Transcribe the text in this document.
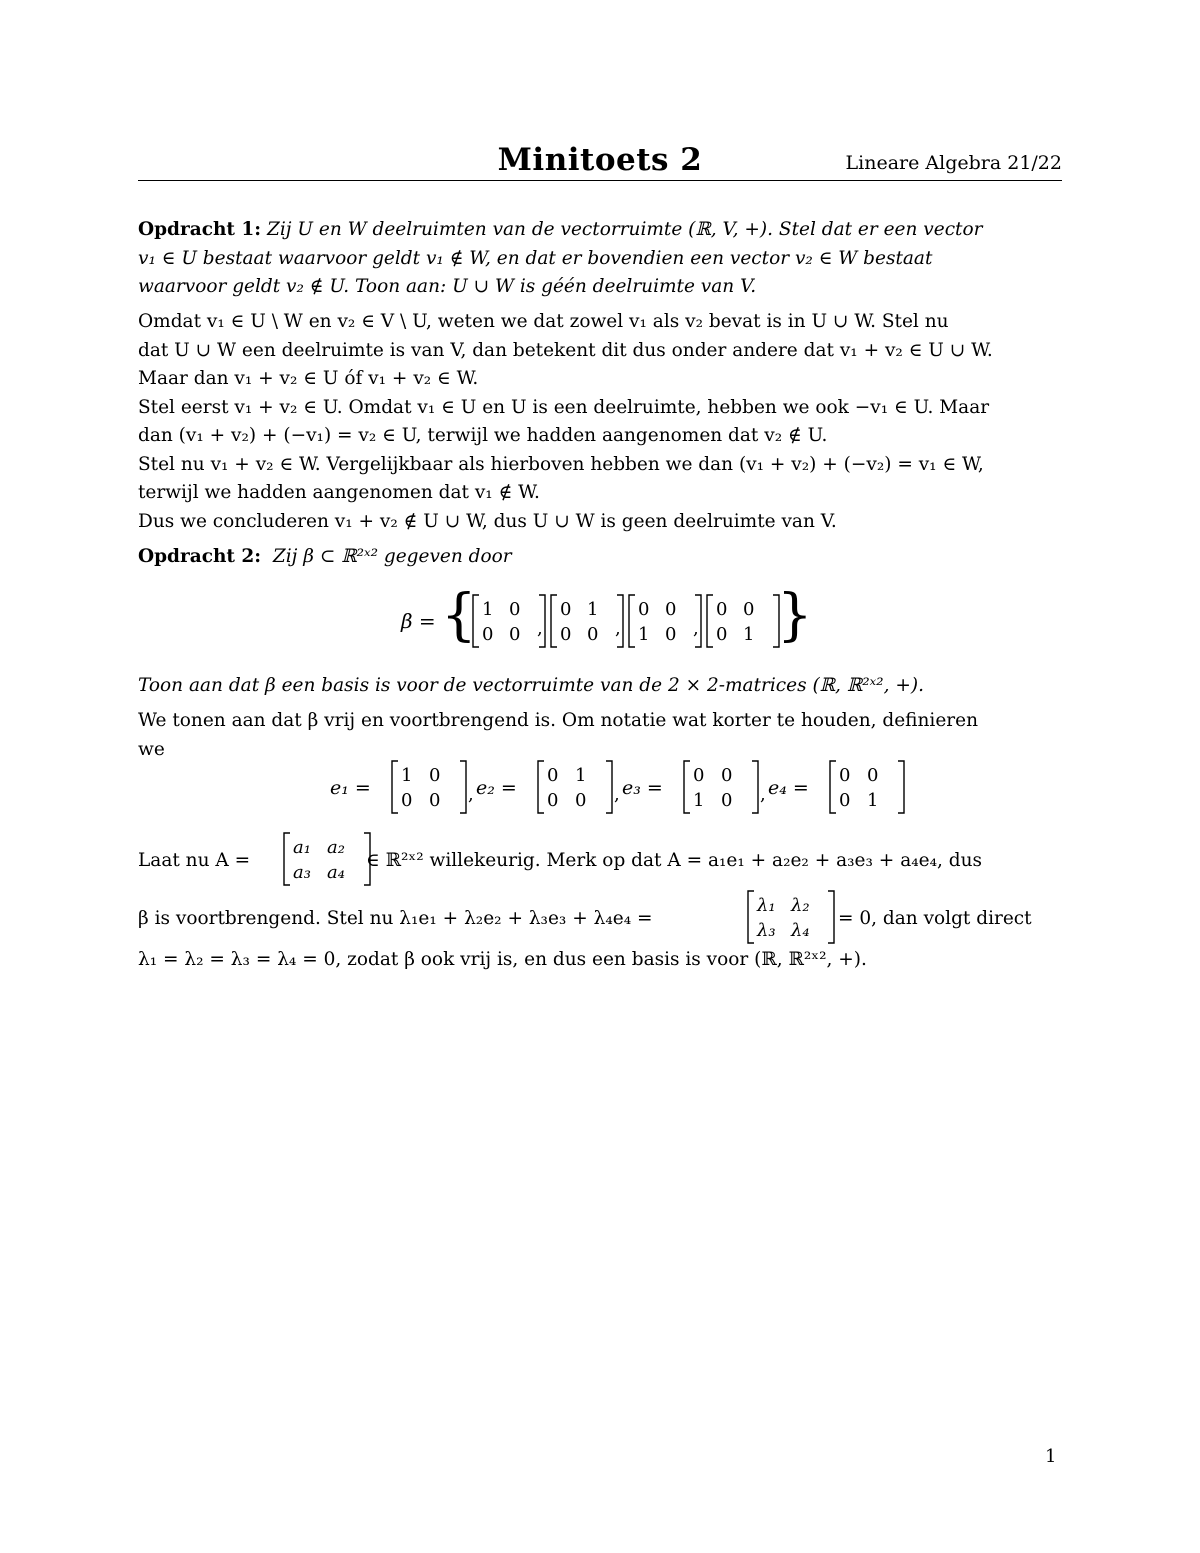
Minitoets 2	Lineare Algebra 21/22

Opdracht 1: Zij U en W deelruimten van de vectorruimte (ℝ, V, +). Stel dat er een vector

v₁ ∈ U bestaat waarvoor geldt v₁ ∉ W, en dat er bovendien een vector v₂ ∈ W bestaat

waarvoor geldt v₂ ∉ U. Toon aan: U ∪ W is géén deelruimte van V.

Omdat v₁ ∈ U \ W en v₂ ∈ V \ U, weten we dat zowel v₁ als v₂ bevat is in U ∪ W. Stel nu

dat U ∪ W een deelruimte is van V, dan betekent dit dus onder andere dat v₁ + v₂ ∈ U ∪ W.

Maar dan v₁ + v₂ ∈ U óf v₁ + v₂ ∈ W.

Stel eerst v₁ + v₂ ∈ U. Omdat v₁ ∈ U en U is een deelruimte, hebben we ook −v₁ ∈ U. Maar

dan (v₁ + v₂) + (−v₁) = v₂ ∈ U, terwijl we hadden aangenomen dat v₂ ∉ U.

Stel nu v₁ + v₂ ∈ W. Vergelijkbaar als hierboven hebben we dan (v₁ + v₂) + (−v₂) = v₁ ∈ W,

terwijl we hadden aangenomen dat v₁ ∉ W.

Dus we concluderen v₁ + v₂ ∉ U ∪ W, dus U ∪ W is geen deelruimte van V.

Opdracht 2: Zij β ⊂ ℝ²ˣ² gegeven door

β = { 1 0
0 0 ,
0 1
0 0 ,
0 0
1 0 ,
0 0
0 1 }

Toon aan dat β een basis is voor de vectorruimte van de 2 × 2-matrices (ℝ, ℝ²ˣ², +).

We tonen aan dat β vrij en voortbrengend is. Om notatie wat korter te houden, definieren

we

e₁ =
1 0
0 0 , e₂ =
0 1
0 0 , e₃ =
0 0
1 0 , e₄ =
0 0
0 1
Laat nu A =
a₁ a₂
a₃ a₄
∈ ℝ²ˣ² willekeurig. Merk op dat A = a₁e₁ + a₂e₂ + a₃e₃ + a₄e₄, dus
β is voortbrengend. Stel nu λ₁e₁ + λ₂e₂ + λ₃e₃ + λ₄e₄ =
λ₁ λ₂
λ₃ λ₄
= 0, dan volgt direct

λ₁ = λ₂ = λ₃ = λ₄ = 0, zodat β ook vrij is, en dus een basis is voor (ℝ, ℝ²ˣ², +).

1
